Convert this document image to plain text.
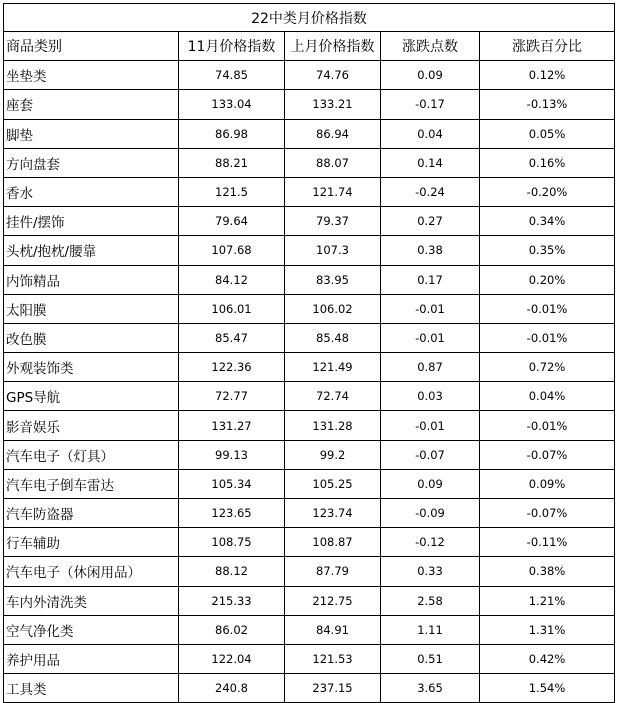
22中类月价格指数				
商品类别	11月价格指数	上月价格指数	涨跌点数	涨跌百分比
坐垫类	74.85	74.76	0.09	0.12%
座套	133.04	133.21	-0.17	-0.13%
脚垫	86.98	86.94	0.04	0.05%
方向盘套	88.21	88.07	0.14	0.16%
香水	121.5	121.74	-0.24	-0.20%
挂件/摆饰	79.64	79.37	0.27	0.34%
头枕/抱枕/腰靠	107.68	107.3	0.38	0.35%
内饰精品	84.12	83.95	0.17	0.20%
太阳膜	106.01	106.02	-0.01	-0.01%
改色膜	85.47	85.48	-0.01	-0.01%
外观装饰类	122.36	121.49	0.87	0.72%
GPS导航	72.77	72.74	0.03	0.04%
影音娱乐	131.27	131.28	-0.01	-0.01%
汽车电子（灯具）	99.13	99.2	-0.07	-0.07%
汽车电子倒车雷达	105.34	105.25	0.09	0.09%
汽车防盗器	123.65	123.74	-0.09	-0.07%
行车辅助	108.75	108.87	-0.12	-0.11%
汽车电子（休闲用品）	88.12	87.79	0.33	0.38%
车内外清洗类	215.33	212.75	2.58	1.21%
空气净化类	86.02	84.91	1.11	1.31%
养护用品	122.04	121.53	0.51	0.42%
工具类	240.8	237.15	3.65	1.54%
